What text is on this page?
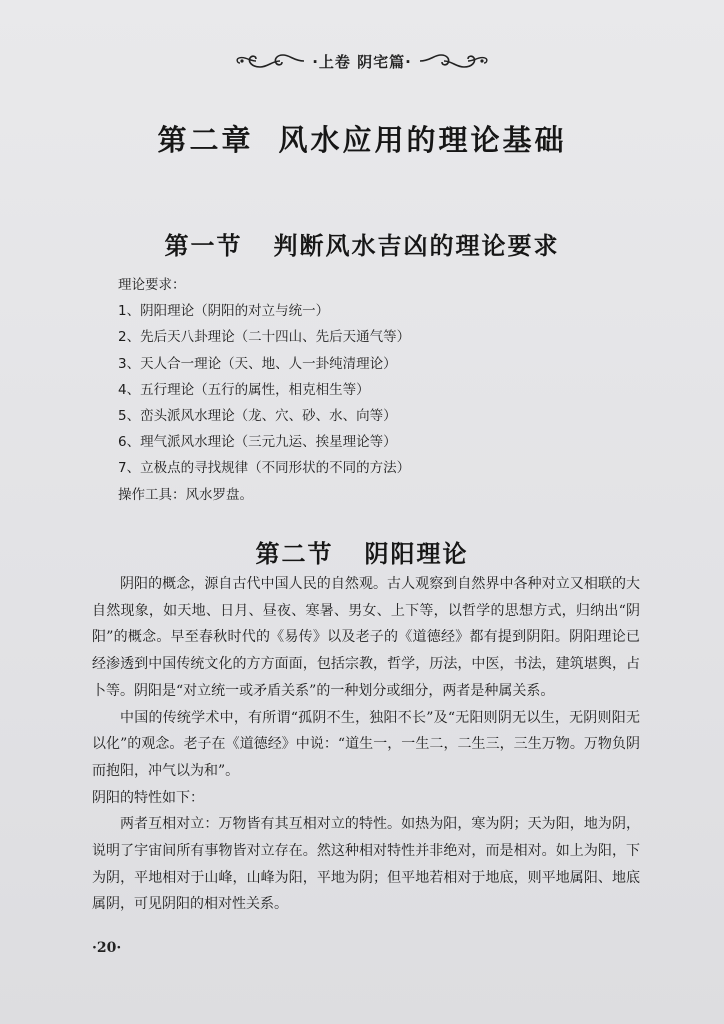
·上卷 阴宅篇·
第二章 风水应用的理论基础
第一节   判断风水吉凶的理论要求
理论要求：
1、阴阳理论（阴阳的对立与统一）
2、先后天八卦理论（二十四山、先后天通气等）
3、天人合一理论（天、地、人一卦纯清理论）
4、五行理论（五行的属性，相克相生等）
5、峦头派风水理论（龙、穴、砂、水、向等）
6、理气派风水理论（三元九运、挨星理论等）
7、立极点的寻找规律（不同形状的不同的方法）
操作工具：风水罗盘。
第二节   阴阳理论

阴阳的概念，源自古代中国人民的自然观。古人观察到自然界中各种对立又相联的大自然现象，如天地、日月、昼夜、寒暑、男女、上下等，以哲学的思想方式，归纳出“阴阳”的概念。早至春秋时代的《易传》以及老子的《道德经》都有提到阴阳。阴阳理论已经渗透到中国传统文化的方方面面，包括宗教，哲学，历法，中医，书法，建筑堪舆，占卜等。阴阳是“对立统一或矛盾关系”的一种划分或细分，两者是种属关系。

中国的传统学术中，有所谓“孤阴不生，独阳不长”及“无阳则阴无以生，无阴则阳无以化”的观念。老子在《道德经》中说：“道生一，一生二，二生三，三生万物。万物负阴而抱阳，冲气以为和”。

阴阳的特性如下：

两者互相对立：万物皆有其互相对立的特性。如热为阳，寒为阴；天为阳，地为阴，说明了宇宙间所有事物皆对立存在。然这种相对特性并非绝对，而是相对。如上为阳，下为阴，平地相对于山峰，山峰为阳，平地为阴；但平地若相对于地底，则平地属阳、地底属阴，可见阴阳的相对性关系。

·20·
